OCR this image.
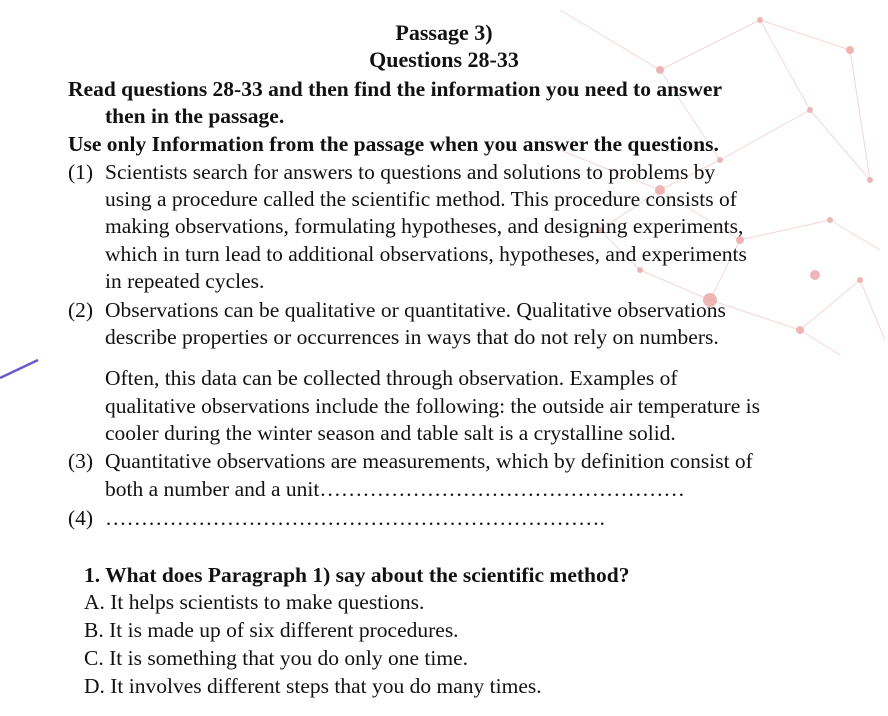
Passage 3)
Questions 28-33
Read questions 28-33 and then find the information you need to answer
then in the passage.
Use only Information from the passage when you answer the questions.
(1) Scientists search for answers to questions and solutions to problems by
using a procedure called the scientific method. This procedure consists of
making observations, formulating hypotheses, and designing experiments,
which in turn lead to additional observations, hypotheses, and experiments
in repeated cycles.
(2) Observations can be qualitative or quantitative. Qualitative observations
describe properties or occurrences in ways that do not rely on numbers.
Often, this data can be collected through observation. Examples of
qualitative observations include the following: the outside air temperature is
cooler during the winter season and table salt is a crystalline solid.
(3) Quantitative observations are measurements, which by definition consist of
both a number and a unit……………………………………………
(4) …………………………………………………………….
1. What does Paragraph 1) say about the scientific method?
A. It helps scientists to make questions.
B. It is made up of six different procedures.
C. It is something that you do only one time.
D. It involves different steps that you do many times.
